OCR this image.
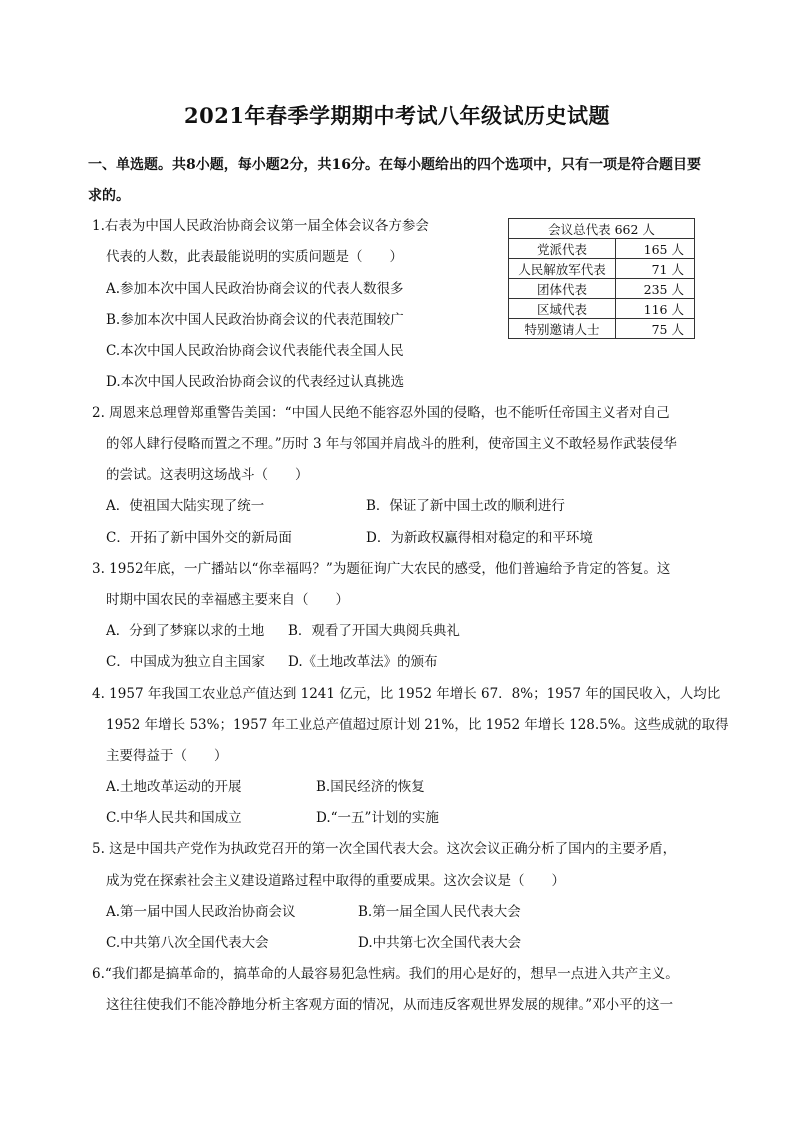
2021年春季学期期中考试八年级试历史试题
一、单选题。共8小题，每小题2分，共16分。在每小题给出的四个选项中，只有一项是符合题目要求的。
会议总代表 662 人	
党派代表	165 人
人民解放军代表	71 人
团体代表	235 人
区域代表	116 人
特别邀请人士	75 人
1.右表为中国人民政治协商会议第一届全体会议各方参会
代表的人数，此表最能说明的实质问题是（　　）
A.参加本次中国人民政治协商会议的代表人数很多
B.参加本次中国人民政治协商会议的代表范围较广
C.本次中国人民政治协商会议代表能代表全国人民
D.本次中国人民政治协商会议的代表经过认真挑选
2. 周恩来总理曾郑重警告美国：“中国人民绝不能容忍外国的侵略，也不能听任帝国主义者对自己
的邻人肆行侵略而置之不理。”历时 3 年与邻国并肩战斗的胜利，使帝国主义不敢轻易作武装侵华
的尝试。这表明这场战斗（　　）
A．使祖国大陆实现了统一	B．保证了新中国土改的顺利进行
C．开拓了新中国外交的新局面	D．为新政权赢得相对稳定的和平环境
3. 1952年底，一广播站以“你幸福吗？”为题征询广大农民的感受，他们普遍给予肯定的答复。这
时期中国农民的幸福感主要来自（　　）
A．分到了梦寐以求的土地 B．观看了开国大典阅兵典礼
C．中国成为独立自主国家 D.《土地改革法》的颁布
4. 1957 年我国工农业总产值达到 1241 亿元，比 1952 年增长 67．8%；1957 年的国民收入，人均比
1952 年增长 53%；1957 年工业总产值超过原计划 21%，比 1952 年增长 128.5%。这些成就的取得
主要得益于（　　）
A.土地改革运动的开展	B.国民经济的恢复
C.中华人民共和国成立	D.“一五”计划的实施
5. 这是中国共产党作为执政党召开的第一次全国代表大会。这次会议正确分析了国内的主要矛盾，
成为党在探索社会主义建设道路过程中取得的重要成果。这次会议是（　　）
A.第一届中国人民政治协商会议	B.第一届全国人民代表大会
C.中共第八次全国代表大会	D.中共第七次全国代表大会
6.“我们都是搞革命的，搞革命的人最容易犯急性病。我们的用心是好的，想早一点进入共产主义。
这往往使我们不能冷静地分析主客观方面的情况，从而违反客观世界发展的规律。”邓小平的这一
